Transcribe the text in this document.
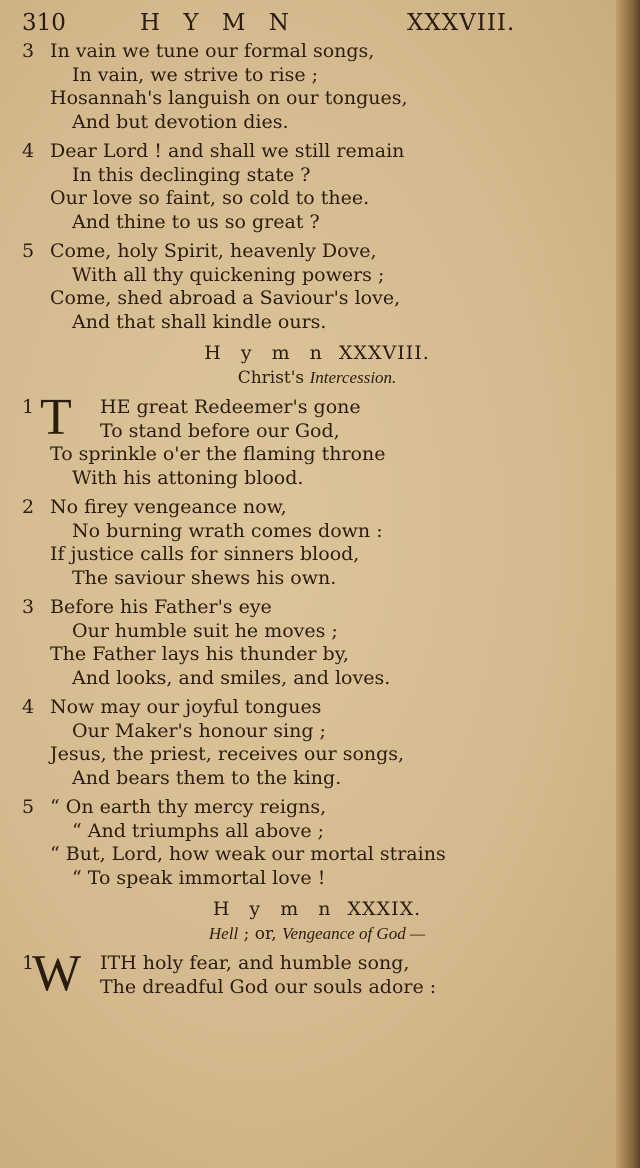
310	H Y M N	XXXVIII.
3 In vain we tune our formal songs,
In vain, we strive to rise ;
Hosannah's languish on our tongues,
And but devotion dies.
4 Dear Lord ! and shall we still remain
In this declinging state ?
Our love so faint, so cold to thee.
And thine to us so great ?
5 Come, holy Spirit, heavenly Dove,
With all thy quickening powers ;
Come, shed abroad a Saviour's love,
And that shall kindle ours.
H y m n XXXVIII.
Christ's Intercession.
T
1	HE great Redeemer's gone
To stand before our God,
To sprinkle o'er the flaming throne
With his attoning blood.
2 No firey vengeance now,
No burning wrath comes down :
If justice calls for sinners blood,
The saviour shews his own.
3 Before his Father's eye
Our humble suit he moves ;
The Father lays his thunder by,
And looks, and smiles, and loves.
4 Now may our joyful tongues
Our Maker's honour sing ;
Jesus, the priest, receives our songs,
And bears them to the king.
5 “ On earth thy mercy reigns,
“ And triumphs all above ;
“ But, Lord, how weak our mortal strains
“ To speak immortal love !
H y m n XXXIX.
Hell ; or, Vengeance of God —
W
1	ITH holy fear, and humble song,
The dreadful God our souls adore :
